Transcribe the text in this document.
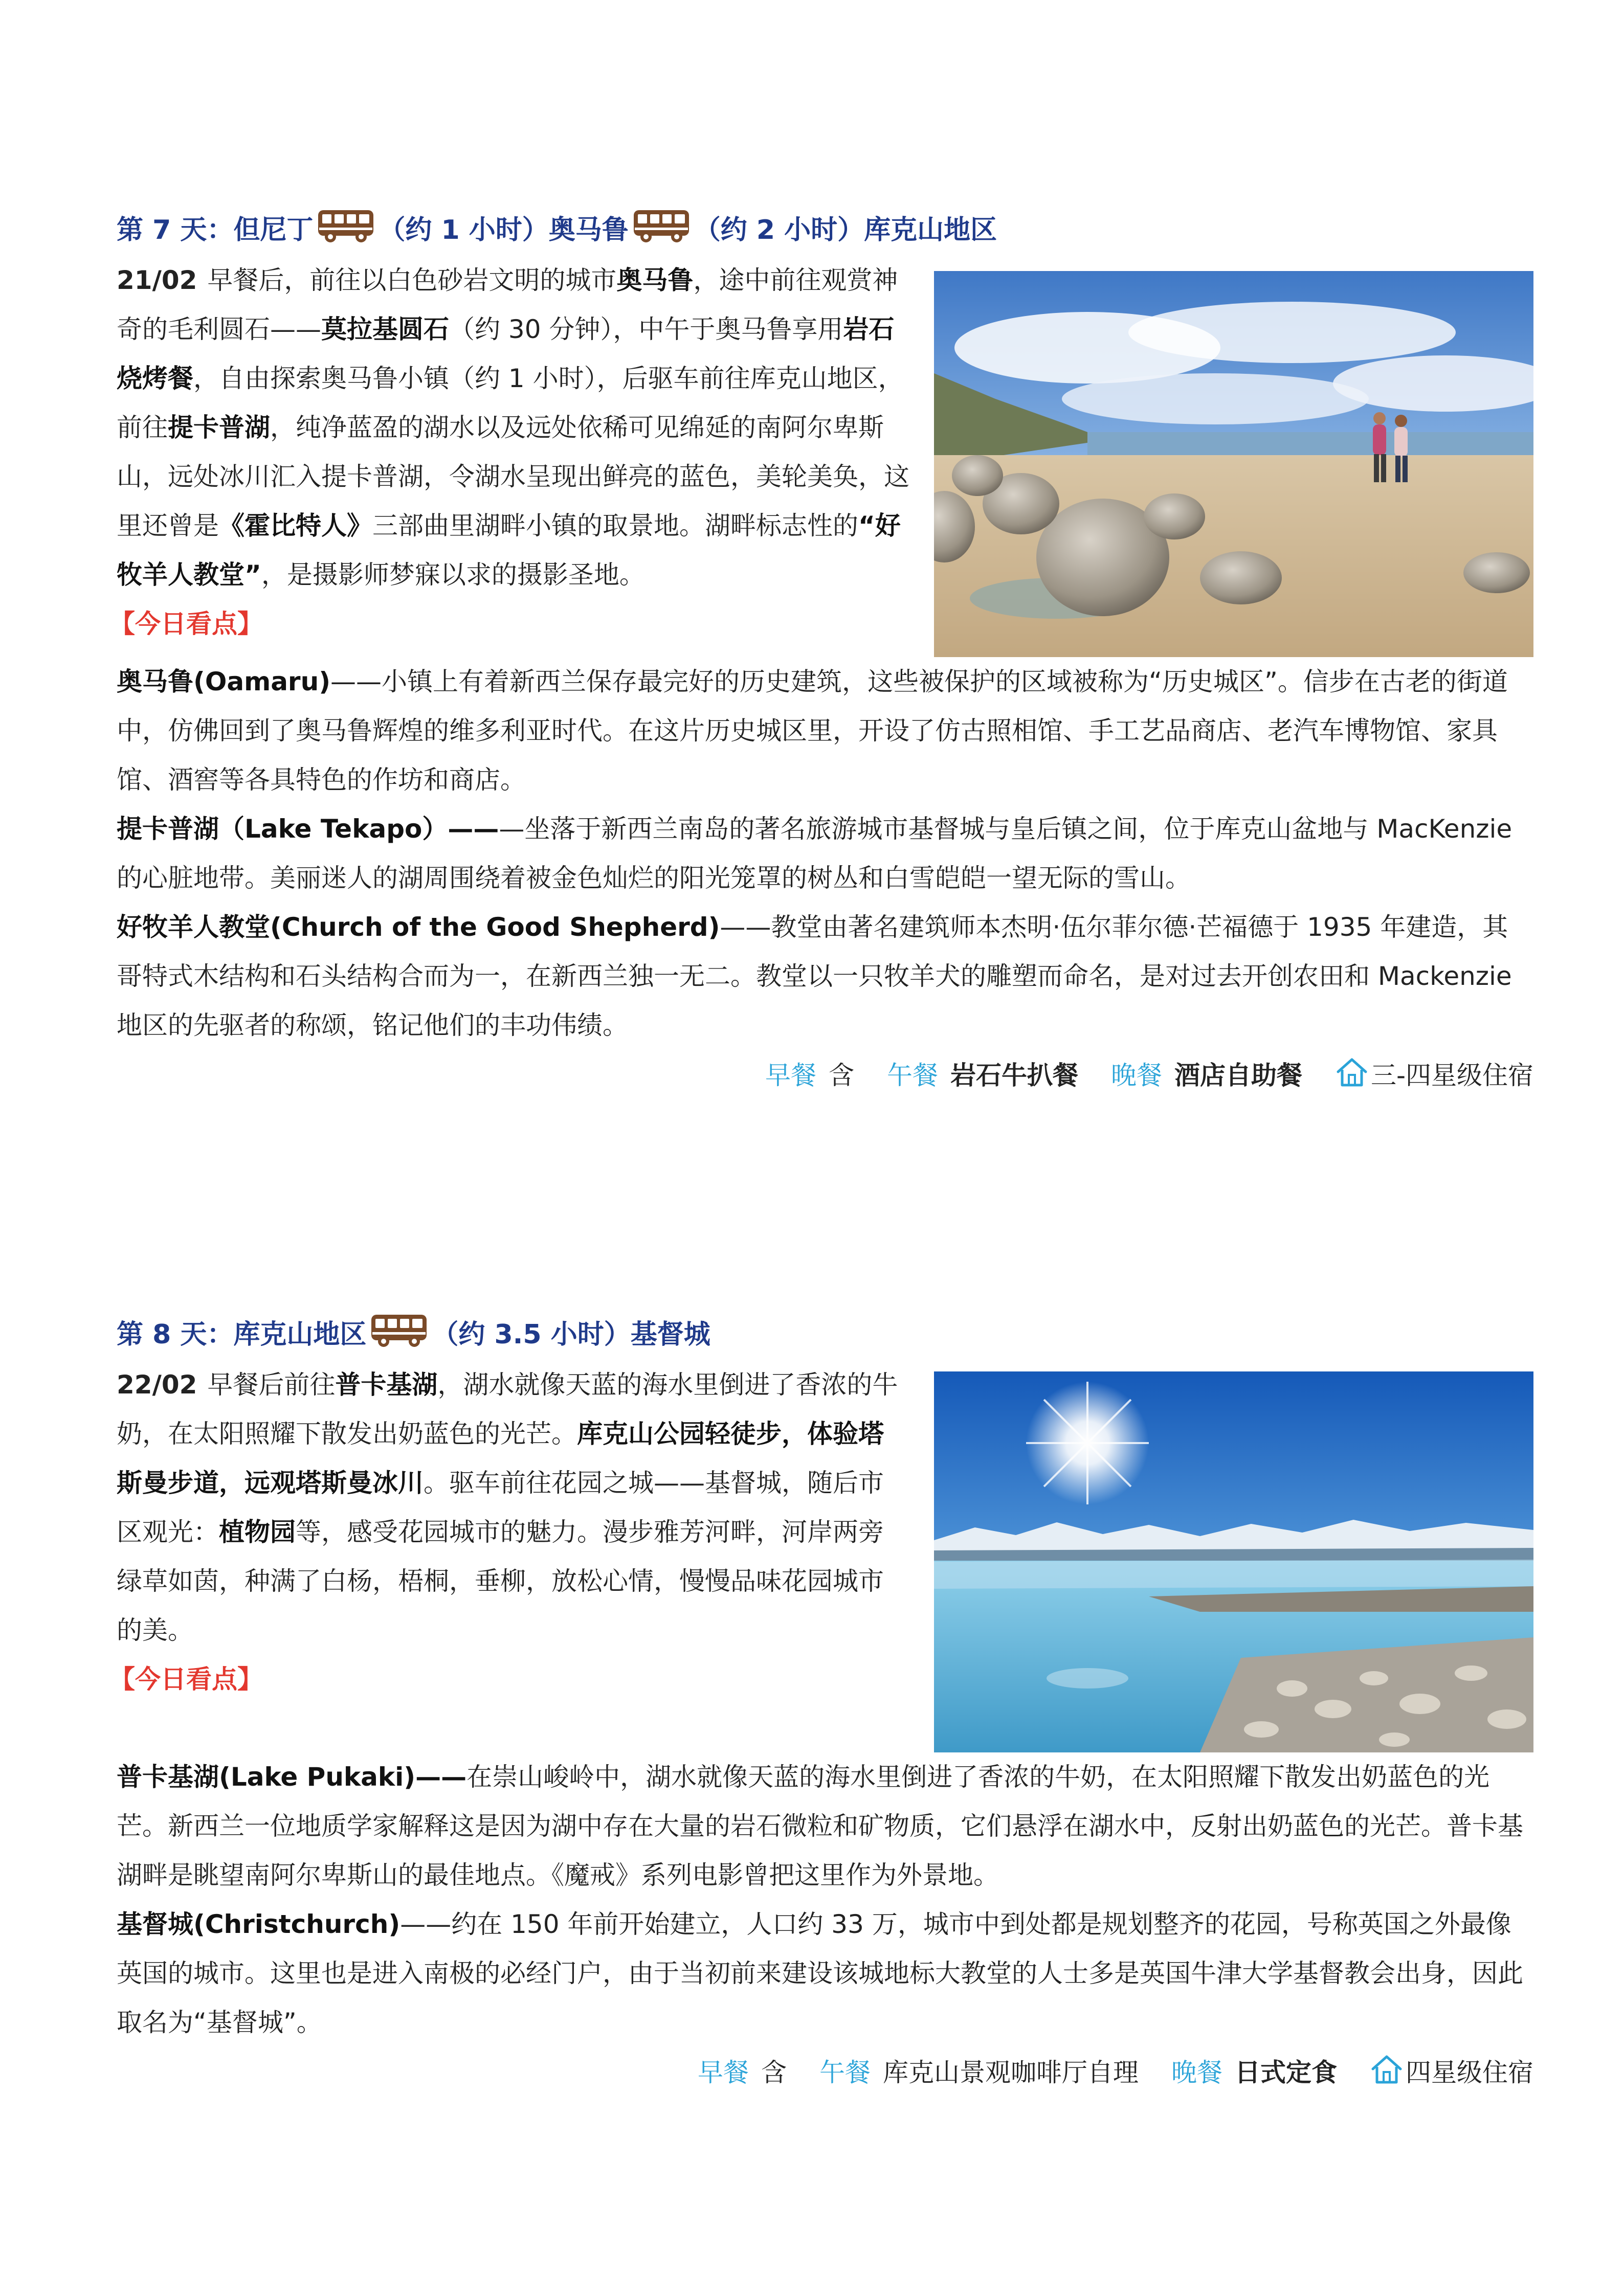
第 7 天：但尼丁 （约 1 小时）奥马鲁 （约 2 小时）库克山地区

21/02 早餐后，前往以白色砂岩文明的城市奥马鲁，途中前往观赏神奇的毛利圆石——莫拉基圆石（约 30 分钟），中午于奥马鲁享用岩石烧烤餐，自由探索奥马鲁小镇（约 1 小时），后驱车前往库克山地区，前往提卡普湖，纯净蓝盈的湖水以及远处依稀可见绵延的南阿尔卑斯山，远处冰川汇入提卡普湖，令湖水呈现出鲜亮的蓝色，美轮美奂，这里还曾是《霍比特人》三部曲里湖畔小镇的取景地。湖畔标志性的“好牧羊人教堂”，是摄影师梦寐以求的摄影圣地。

【今日看点】

奥马鲁(Oamaru)——小镇上有着新西兰保存最完好的历史建筑，这些被保护的区域被称为“历史城区”。信步在古老的街道中，仿佛回到了奥马鲁辉煌的维多利亚时代。在这片历史城区里，开设了仿古照相馆、手工艺品商店、老汽车博物馆、家具馆、酒窖等各具特色的作坊和商店。

提卡普湖（Lake Tekapo）———坐落于新西兰南岛的著名旅游城市基督城与皇后镇之间，位于库克山盆地与 MacKenzie 的心脏地带。美丽迷人的湖周围绕着被金色灿烂的阳光笼罩的树丛和白雪皑皑一望无际的雪山。

好牧羊人教堂(Church of the Good Shepherd)——教堂由著名建筑师本杰明·伍尔菲尔德·芒福德于 1935 年建造，其哥特式木结构和石头结构合而为一，在新西兰独一无二。教堂以一只牧羊犬的雕塑而命名，是对过去开创农田和 Mackenzie 地区的先驱者的称颂，铭记他们的丰功伟绩。

早餐 含 午餐 岩石牛扒餐 晚餐 酒店自助餐	三-四星级住宿
第 8 天：库克山地区 （约 3.5 小时）基督城

22/02 早餐后前往普卡基湖，湖水就像天蓝的海水里倒进了香浓的牛奶，在太阳照耀下散发出奶蓝色的光芒。库克山公园轻徒步，体验塔斯曼步道，远观塔斯曼冰川。驱车前往花园之城——基督城，随后市区观光：植物园等，感受花园城市的魅力。漫步雅芳河畔，河岸两旁绿草如茵，种满了白杨，梧桐，垂柳，放松心情，慢慢品味花园城市的美。

【今日看点】

普卡基湖(Lake Pukaki)——在崇山峻岭中，湖水就像天蓝的海水里倒进了香浓的牛奶，在太阳照耀下散发出奶蓝色的光芒。新西兰一位地质学家解释这是因为湖中存在大量的岩石微粒和矿物质，它们悬浮在湖水中，反射出奶蓝色的光芒。普卡基湖畔是眺望南阿尔卑斯山的最佳地点。《魔戒》系列电影曾把这里作为外景地。

基督城(Christchurch)——约在 150 年前开始建立，人口约 33 万，城市中到处都是规划整齐的花园，号称英国之外最像英国的城市。这里也是进入南极的必经门户，由于当初前来建设该城地标大教堂的人士多是英国牛津大学基督教会出身，因此取名为“基督城”。

早餐 含 午餐 库克山景观咖啡厅自理 晚餐 日式定食	四星级住宿
